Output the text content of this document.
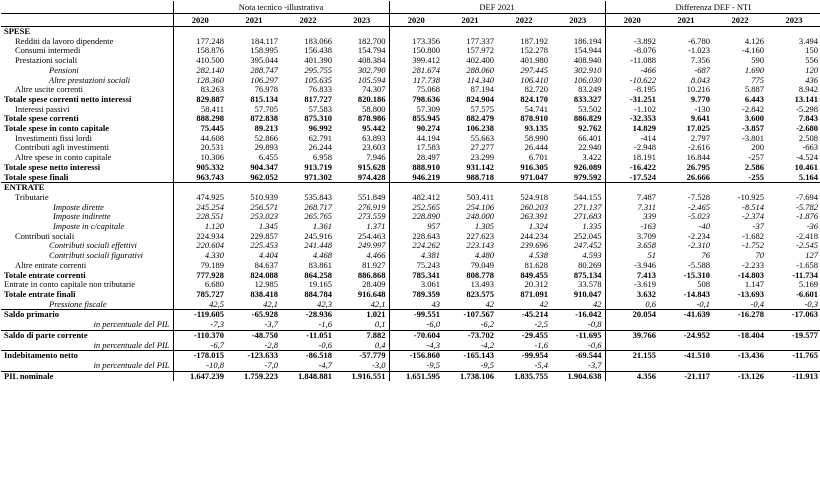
	Nota tecnico -illustrativa				DEF 2021				Differenza DEF - NTI			
	2020	2021	2022	2023	2020	2021	2022	2023	2020	2021	2022	2023
SPESE												
Redditi da lavoro dipendente	177.248	184.117	183.066	182.700	173.356	177.337	187.192	186.194	-3.892	-6.780	4.126	3.494
Consumi intermedi	158.876	158.995	156.438	154.794	150.800	157.972	152.278	154.944	-8.076	-1.023	-4.160	150
Prestazioni sociali	410.500	395.044	401.390	408.384	399.412	402.400	401.980	408.940	-11.088	7.356	590	556
Pensioni	282.140	288.747	295.755	302.790	281.674	288.060	297.445	302.910	-466	-687	1.690	120
Altre prestazioni sociali	128.360	106.297	105.635	105.594	117.738	114.340	106.410	106.030	-10.622	8.043	775	436
Altre uscite correnti	83.263	76.978	76.833	74.307	75.068	87.194	82.720	83.249	-8.195	10.216	5.887	8.942
Totale spese correnti netto interessi	829.887	815.134	817.727	820.186	798.636	824.904	824.170	833.327	-31.251	9.770	6.443	13.141
Interessi passivi	58.411	57.705	57.583	58.800	57.309	57.575	54.741	53.502	-1.102	-130	-2.842	-5.298
Totale spese correnti	888.298	872.838	875.310	878.986	855.945	882.479	878.910	886.829	-32.353	9.641	3.600	7.843
Totale spese in conto capitale	75.445	89.213	96.992	95.442	90.274	106.238	93.135	92.762	14.829	17.025	-3.857	-2.680
Investimenti fissi lordi	44.608	52.866	62.791	63.893	44.194	55.663	58.990	66.401	-414	2.797	-3.801	2.508
Contributi agli investimenti	20.531	29.893	26.244	23.603	17.583	27.277	26.444	22.940	-2.948	-2.616	200	-663
Altre spese in conto capitale	10.306	6.455	6.958	7.946	28.497	23.299	6.701	3.422	18.191	16.844	-257	-4.524
Totale spese netto interessi	905.332	904.347	913.719	915.628	888.910	931.142	916.305	926.089	-16.422	26.795	2.586	10.461
Totale spese finali	963.743	962.052	971.302	974.428	946.219	988.718	971.047	979.592	-17.524	26.666	-255	5.164
ENTRATE												
Tributarie	474.925	510.939	535.843	551.849	482.412	503.411	524.918	544.155	7.487	-7.528	-10.925	-7.694
Imposte dirette	245.254	256.571	268.717	276.919	252.565	254.106	260.203	271.137	7.311	-2.465	-8.514	-5.782
Imposte indirette	228.551	253.023	265.765	273.559	228.890	248.000	263.391	271.683	339	-5.023	-2.374	-1.876
Imposte in c/capitale	1.120	1.345	1.361	1.371	957	1.305	1.324	1.335	-163	-40	-37	-36
Contributi sociali	224.934	229.857	245.916	254.463	228.643	227.623	244.234	252.045	3.709	-2.234	-1.682	-2.418
Contributi sociali effettivi	220.604	225.453	241.448	249.997	224.262	223.143	239.696	247.452	3.658	-2.310	-1.752	-2.545
Contributi sociali figurativi	4.330	4.404	4.468	4.466	4.381	4.480	4.538	4.593	51	76	70	127
Altre entrate correnti	79.189	84.637	83.861	81.927	75.243	79.049	81.628	80.269	-3.946	-5.588	-2.233	-1.658
Totale entrate correnti	777.928	824.088	864.258	886.868	785.341	808.778	849.455	875.134	7.413	-15.310	-14.803	-11.734
Entrate in conto capitale non tributarie	6.680	12.985	19.165	28.409	3.061	13.493	20.312	33.578	-3.619	508	1.147	5.169
Totale entrate finali	785.727	838.418	884.784	916.648	789.359	823.575	871.091	910.047	3.632	-14.843	-13.693	-6.601
Pressione fiscale	42,5	42,1	42,3	42,1	43	42	42	42	0,6	-0,1	-0,4	-0,3
Saldo primario	-119.605	-65.928	-28.936	1.021	-99.551	-107.567	-45.214	-16.042	20.054	-41.639	-16.278	-17.063
in percentuale del PIL	-7,3	-3,7	-1,6	0,1	-6,0	-6,2	-2,5	-0,8				
Saldo di parte corrente	-110.370	-48.750	-11.051	7.882	-70.604	-73.702	-29.455	-11.695	39.766	-24.952	-18.404	-19.577
in percentuale del PIL	-6,7	-2,8	-0,6	0,4	-4,3	-4,2	-1,6	-0,6				
Indebitamento netto	-178.015	-123.633	-86.518	-57.779	-156.860	-165.143	-99.954	-69.544	21.155	-41.510	-13.436	-11.765
in percentuale del PIL	-10,8	-7,0	-4,7	-3,0	-9,5	-9,5	-5,4	-3,7				
PIL nominale	1.647.239	1.759.223	1.848.881	1.916.551	1.651.595	1.738.106	1.835.755	1.904.638	4.356	-21.117	-13.126	-11.913
